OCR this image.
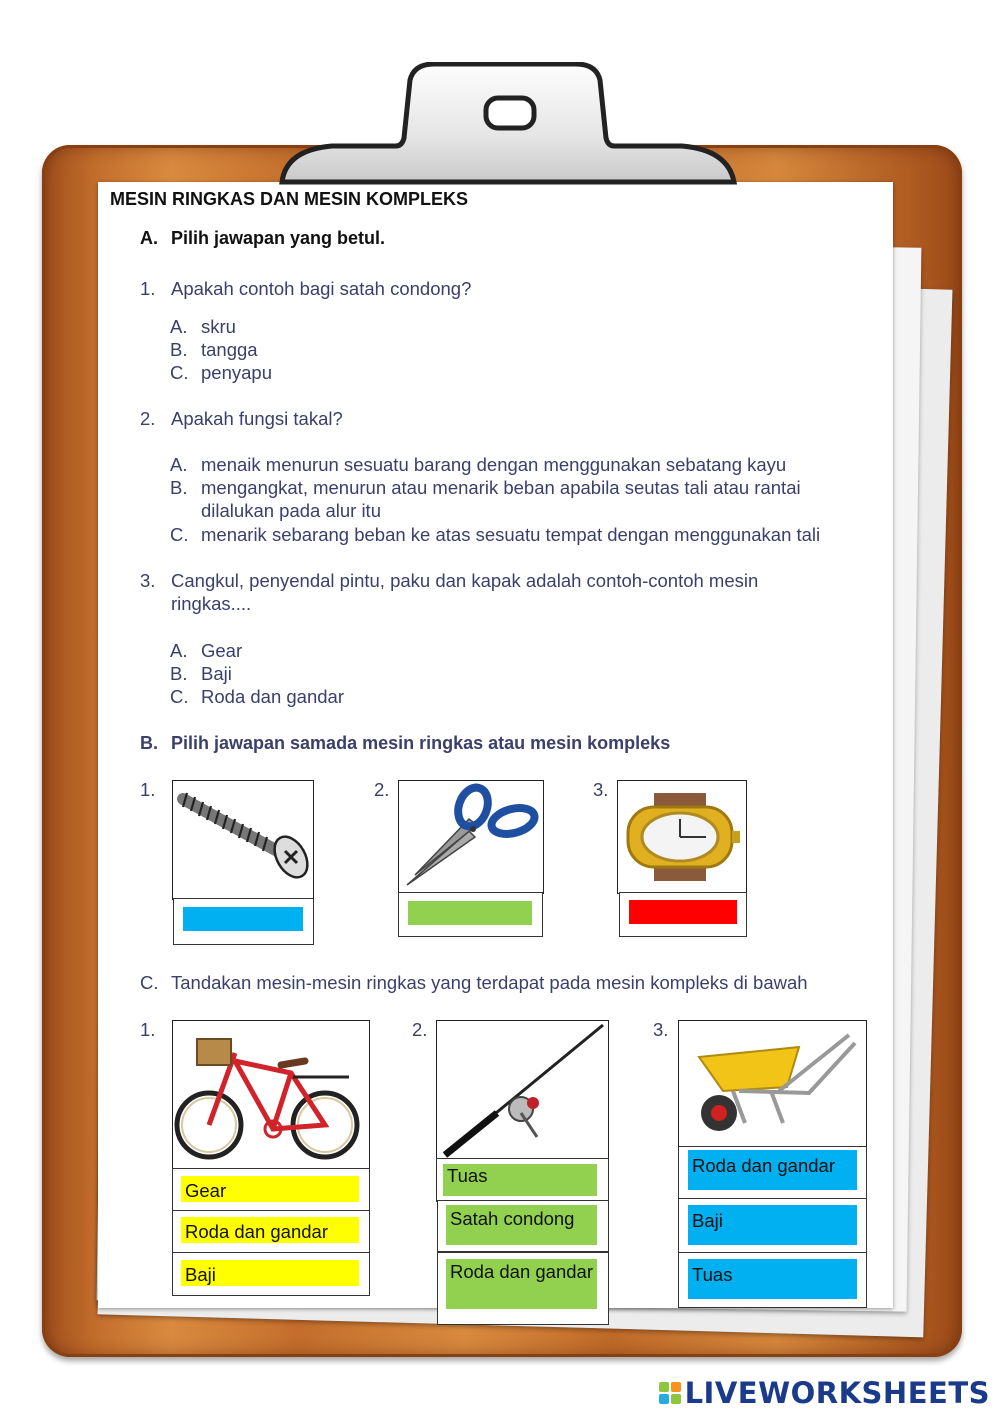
MESIN RINGKAS DAN MESIN KOMPLEKS
A. Pilih jawapan yang betul.
1. Apakah contoh bagi satah condong?
A. skru
B. tangga
C. penyapu
2. Apakah fungsi takal?
A. menaik menurun sesuatu barang dengan menggunakan sebatang kayu
B. mengangkat, menurun atau menarik beban apabila seutas tali atau rantai dilalukan pada alur itu
C. menarik sebarang beban ke atas sesuatu tempat dengan menggunakan tali
3. Cangkul, penyendal pintu, paku dan kapak adalah contoh-contoh mesin ringkas....
A. Gear
B. Baji
C. Roda dan gandar
B. Pilih jawapan samada mesin ringkas atau mesin kompleks
1.	2.	3.
C. Tandakan mesin-mesin ringkas yang terdapat pada mesin kompleks di bawah
1.
Gear
Roda dan gandar
Baji
2.
Tuas
Satah condong
Roda dan gandar
3.
Roda dan gandar
Baji
Tuas
LIVEWORKSHEETS
